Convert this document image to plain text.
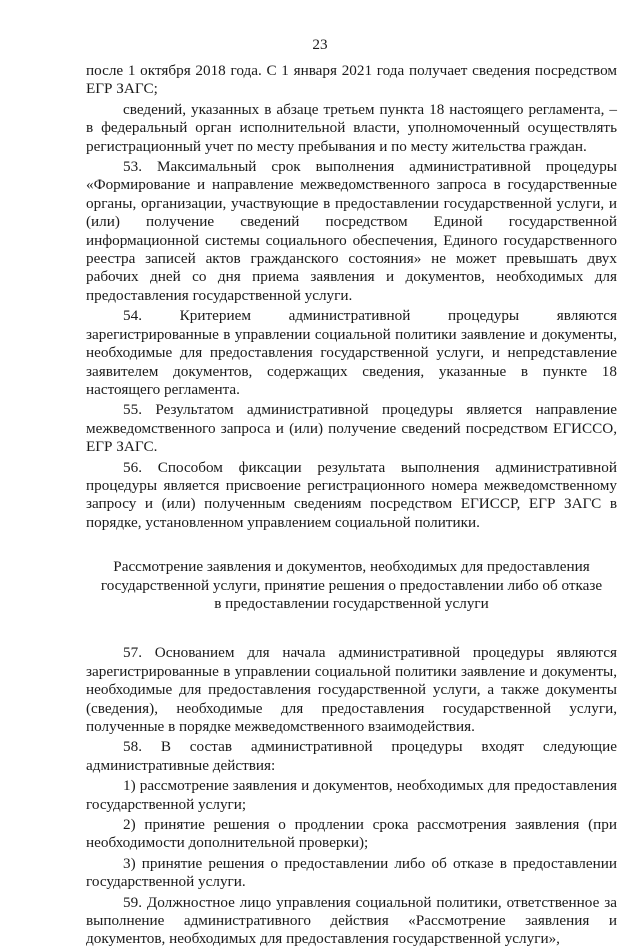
23

после 1 октября 2018 года. С 1 января 2021 года получает сведения посредством ЕГР ЗАГС;

сведений, указанных в абзаце третьем пункта 18 настоящего регламента, – в федеральный орган исполнительной власти, уполномоченный осуществлять регистрационный учет по месту пребывания и по месту жительства граждан.

53. Максимальный срок выполнения административной процедуры «Формирование и направление межведомственного запроса в государственные органы, организации, участвующие в предоставлении государственной услуги, и (или) получение сведений посредством Единой государственной информационной системы социального обеспечения, Единого государственного реестра записей актов гражданского состояния» не может превышать двух рабочих дней со дня приема заявления и документов, необходимых для предоставления государственной услуги.

54. Критерием административной процедуры являются зарегистрированные в управлении социальной политики заявление и документы, необходимые для предоставления государственной услуги, и непредставление заявителем документов, содержащих сведения, указанные в пункте 18 настоящего регламента.

55. Результатом административной процедуры является направление межведомственного запроса и (или) получение сведений посредством ЕГИССО, ЕГР ЗАГС.

56. Способом фиксации результата выполнения административной процедуры является присвоение регистрационного номера межведомственному запросу и (или) полученным сведениям посредством ЕГИССР, ЕГР ЗАГС в порядке, установленном управлением социальной политики.

Рассмотрение заявления и документов, необходимых для предоставления
государственной услуги, принятие решения о предоставлении либо об отказе
в предоставлении государственной услуги

57. Основанием для начала административной процедуры являются зарегистрированные в управлении социальной политики заявление и документы, необходимые для предоставления государственной услуги, а также документы (сведения), необходимые для предоставления государственной услуги, полученные в порядке межведомственного взаимодействия.

58. В состав административной процедуры входят следующие административные действия:

1) рассмотрение заявления и документов, необходимых для предоставления государственной услуги;

2) принятие решения о продлении срока рассмотрения заявления (при необходимости дополнительной проверки);

3) принятие решения о предоставлении либо об отказе в предоставлении государственной услуги.

59. Должностное лицо управления социальной политики, ответственное за выполнение административного действия «Рассмотрение заявления и документов, необходимых для предоставления государственной услуги»,
